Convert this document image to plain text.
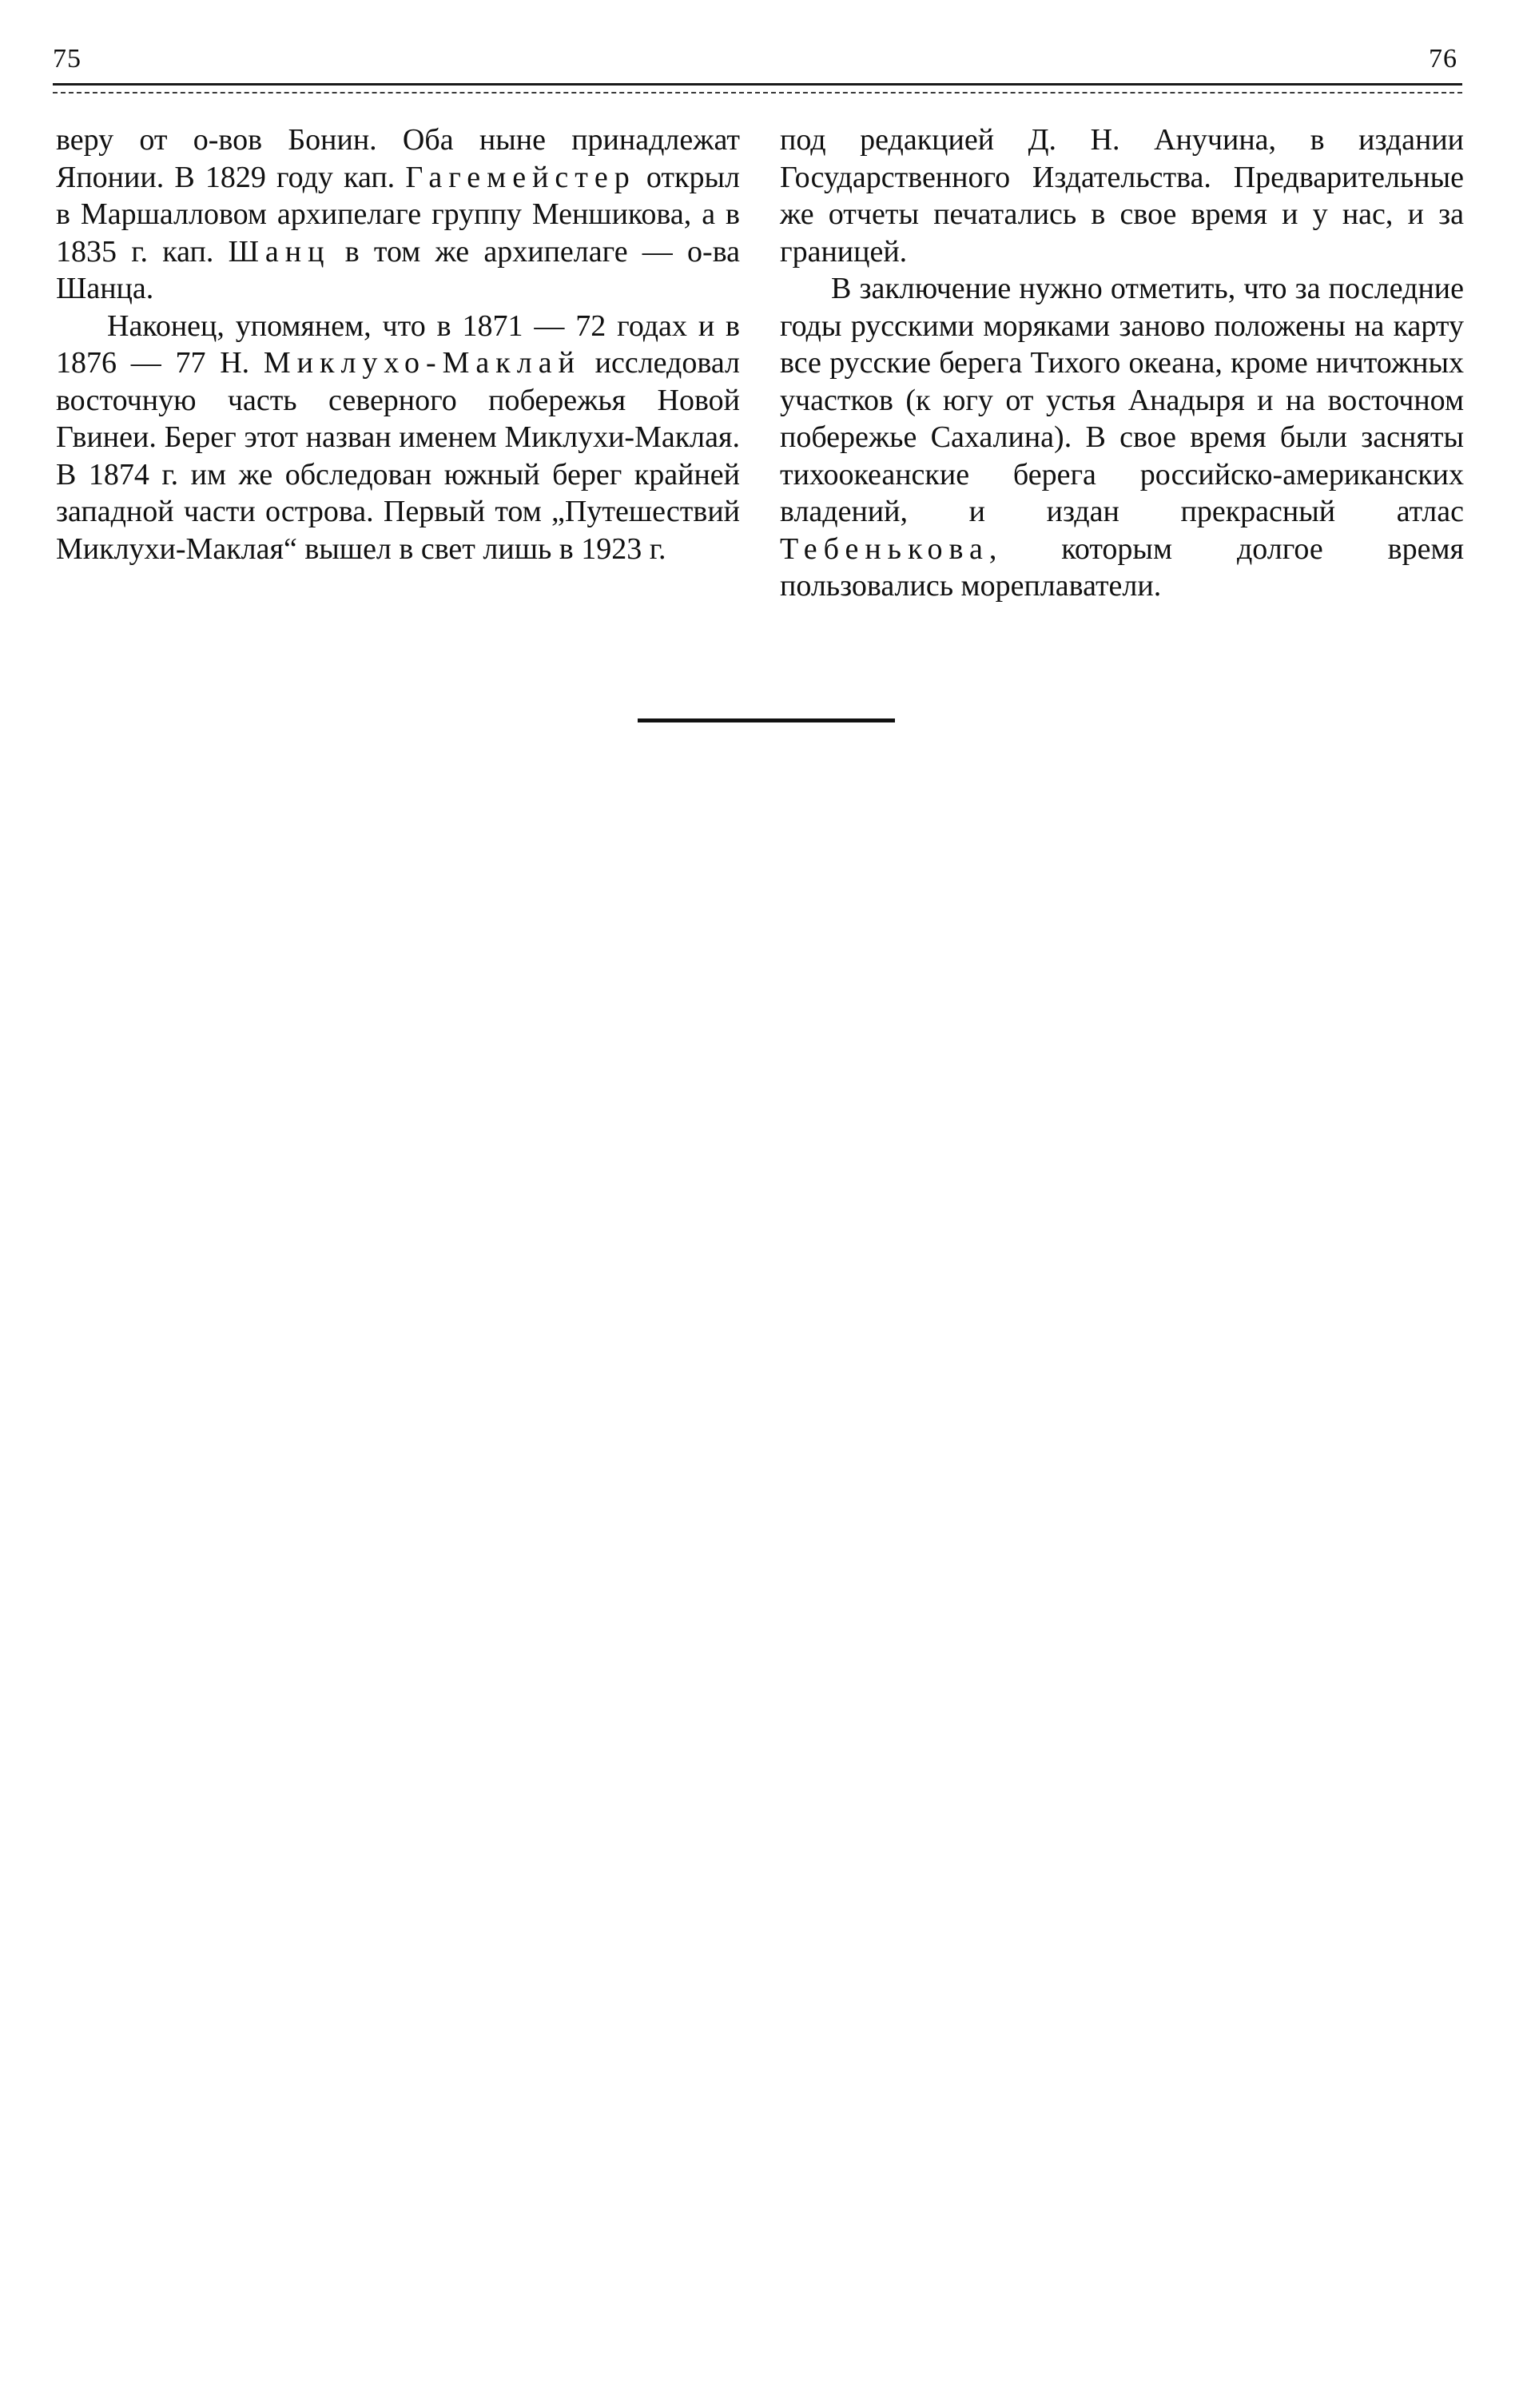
75	76

веру от о-вов Бонин. Оба ныне принадлежат Японии. В 1829 году кап. Гагемейстер открыл в Маршалловом архипелаге группу Меншикова, а в 1835 г. кап. Шанц в том же архипелаге — о-ва Шанца.

Наконец, упомянем, что в 1871 — 72 годах и в 1876 — 77 Н. Миклухо-Маклай исследовал восточную часть северного побережья Новой Гвинеи. Берег этот назван именем Миклухи-Маклая. В 1874 г. им же обследован южный берег крайней западной части острова. Первый том „Путешествий Миклухи-Маклая“ вышел в свет лишь в 1923 г.

под редакцией Д. Н. Анучина, в издании Государственного Издательства. Предварительные же отчеты печатались в свое время и у нас, и за границей.

В заключение нужно отметить, что за последние годы русскими моряками заново положены на карту все русские берега Тихого океана, кроме ничтожных участков (к югу от устья Анадыря и на восточном побережье Сахалина). В свое время были засняты тихоокеанские берега российско-американских владений, и издан прекрасный атлас Тебенькова, которым долгое время пользовались мореплаватели.
